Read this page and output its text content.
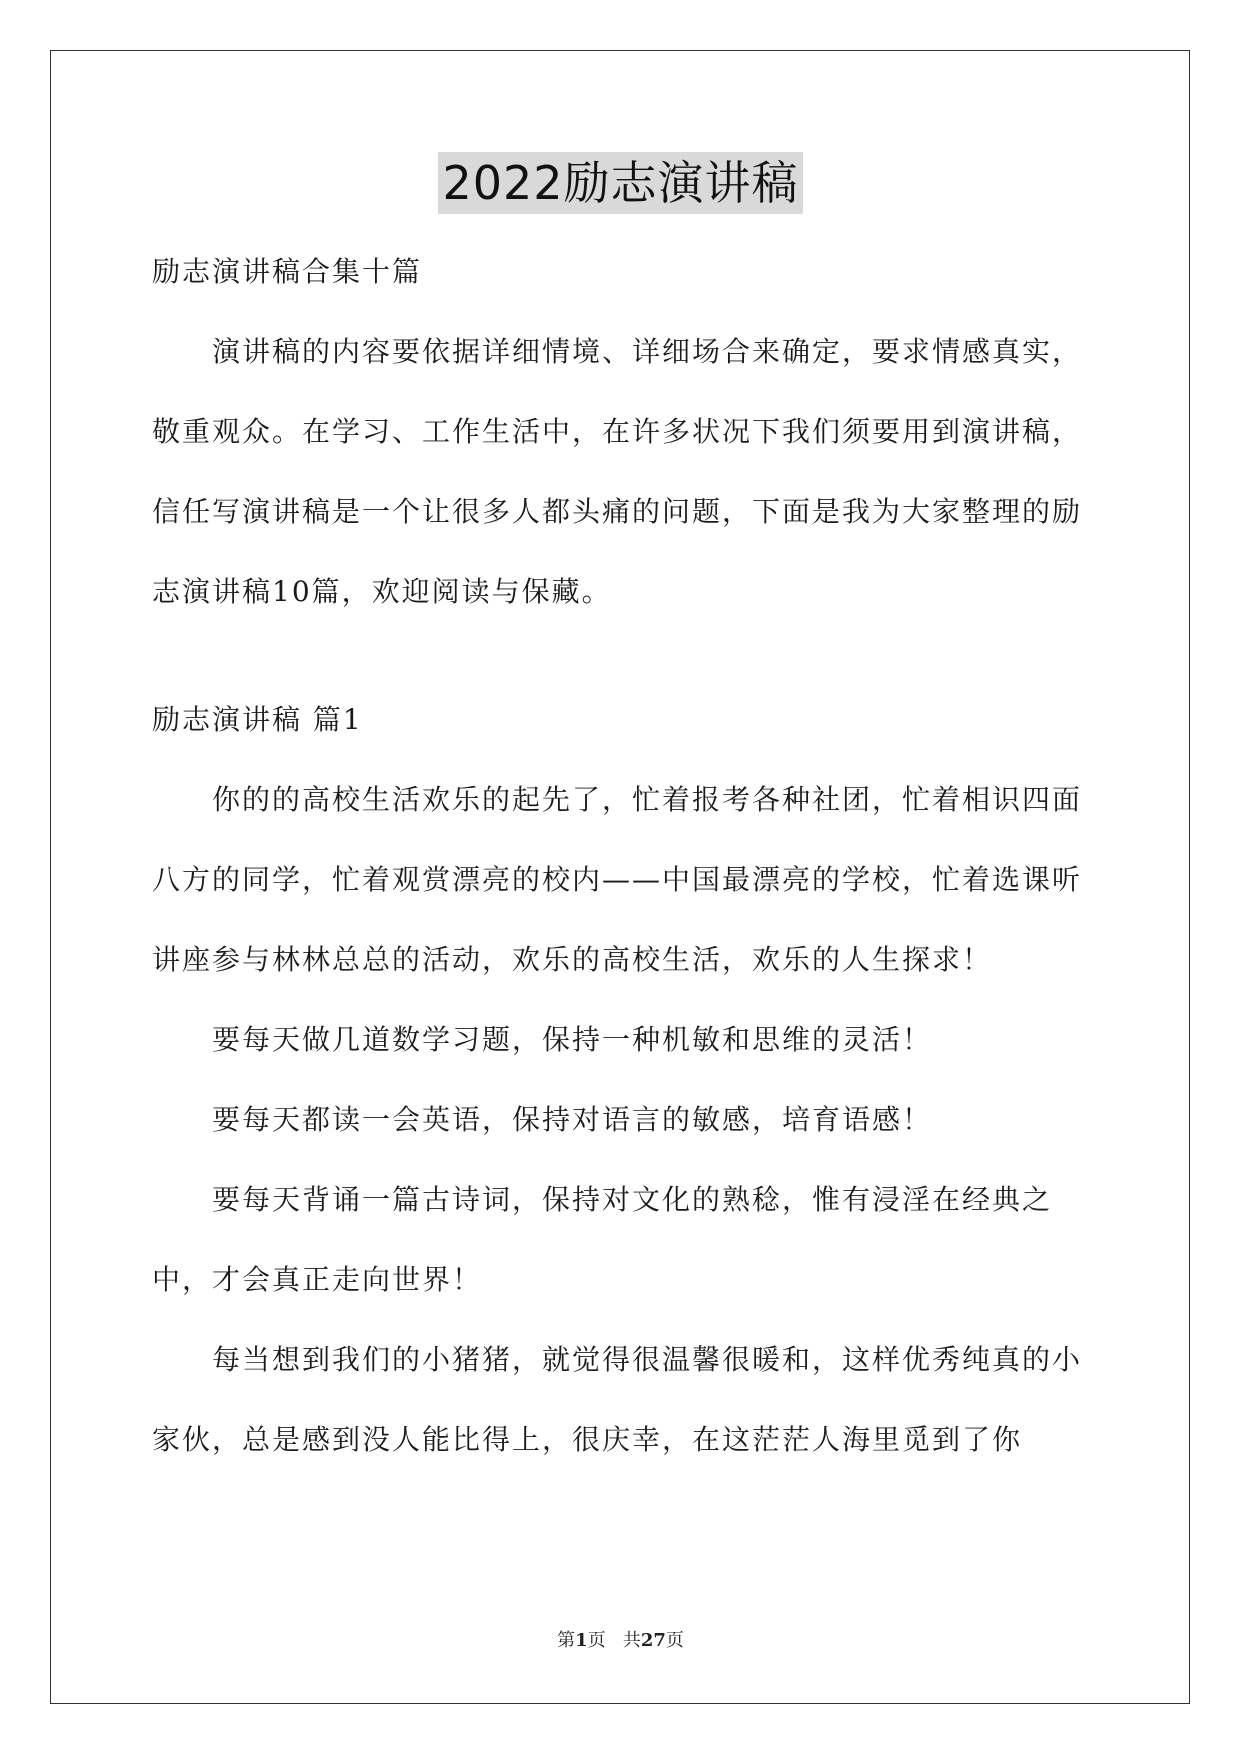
2022励志演讲稿

励志演讲稿合集十篇

演讲稿的内容要依据详细情境、详细场合来确定，要求情感真实，敬重观众。在学习、工作生活中，在许多状况下我们须要用到演讲稿，信任写演讲稿是一个让很多人都头痛的问题，下面是我为大家整理的励志演讲稿10篇，欢迎阅读与保藏。

励志演讲稿 篇1

你的的高校生活欢乐的起先了，忙着报考各种社团，忙着相识四面八方的同学，忙着观赏漂亮的校内——中国最漂亮的学校，忙着选课听讲座参与林林总总的活动，欢乐的高校生活，欢乐的人生探求！

要每天做几道数学习题，保持一种机敏和思维的灵活！

要每天都读一会英语，保持对语言的敏感，培育语感！

要每天背诵一篇古诗词，保持对文化的熟稔，惟有浸淫在经典之中，才会真正走向世界！

每当想到我们的小猪猪，就觉得很温馨很暖和，这样优秀纯真的小家伙，总是感到没人能比得上，很庆幸，在这茫茫人海里觅到了你

第1页 共27页
